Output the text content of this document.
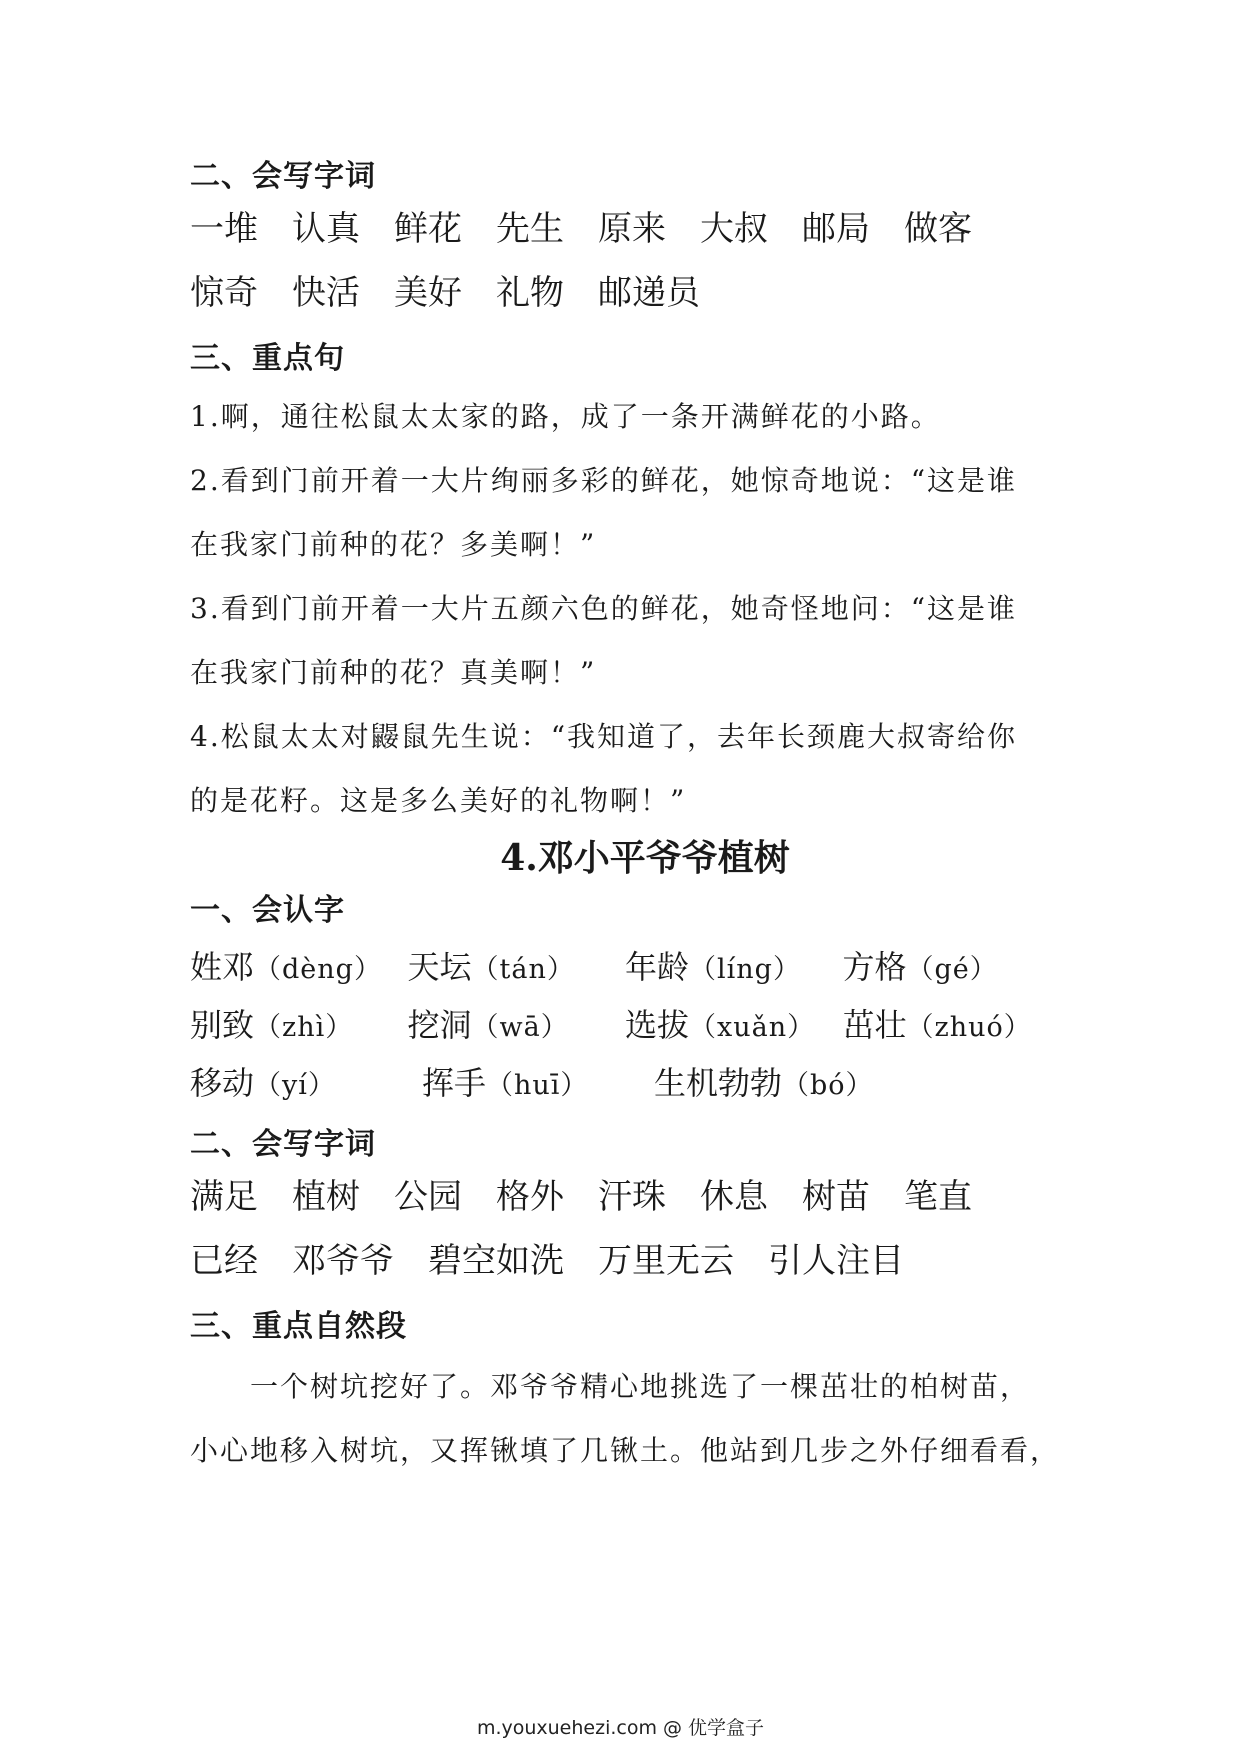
二、会写字词
一堆 认真 鲜花 先生 原来 大叔 邮局 做客
惊奇 快活 美好 礼物 邮递员
三、重点句

1.啊，通往松鼠太太家的路，成了一条开满鲜花的小路。

2.看到门前开着一大片绚丽多彩的鲜花，她惊奇地说：“这是谁

在我家门前种的花？多美啊！”

3.看到门前开着一大片五颜六色的鲜花，她奇怪地问：“这是谁

在我家门前种的花？真美啊！”

4.松鼠太太对鼹鼠先生说：“我知道了，去年长颈鹿大叔寄给你

的是花籽。这是多么美好的礼物啊！”

4.邓小平爷爷植树
一、会认字
姓邓（dèng） 天坛（tán）	年龄（líng）	方格（gé）
别致（zhì）	挖洞（wā）	选拔（xuǎn） 茁壮（zhuó）
移动（yí）	挥手（huī）	生机勃勃（bó）
二、会写字词
满足 植树 公园 格外 汗珠 休息 树苗 笔直
已经 邓爷爷 碧空如洗 万里无云 引人注目
三、重点自然段

　　一个树坑挖好了。邓爷爷精心地挑选了一棵茁壮的柏树苗，

小心地移入树坑，又挥锹填了几锹土。他站到几步之外仔细看看，

m.youxuehezi.com @ 优学盒子
